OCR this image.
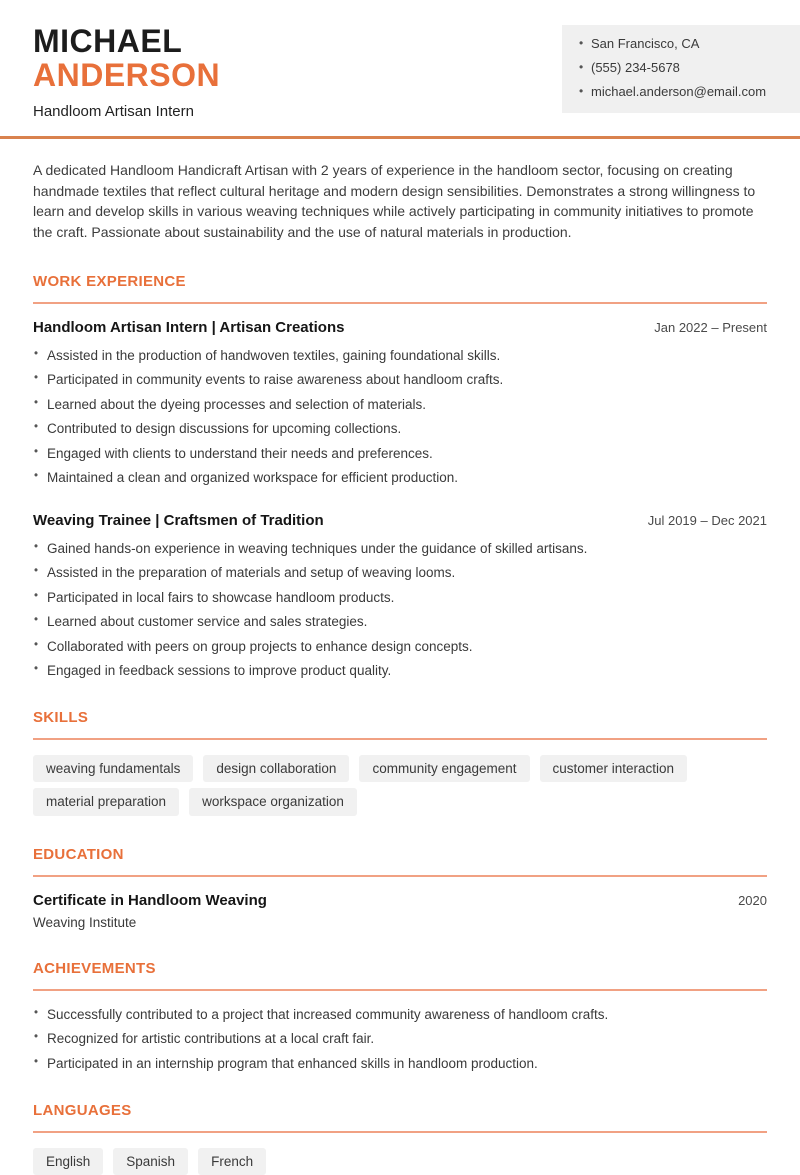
MICHAEL
ANDERSON
Handloom Artisan Intern
• San Francisco, CA
• (555) 234-5678
• michael.anderson@email.com

A dedicated Handloom Handicraft Artisan with 2 years of experience in the handloom sector, focusing on creating handmade textiles that reflect cultural heritage and modern design sensibilities. Demonstrates a strong willingness to learn and develop skills in various weaving techniques while actively participating in community initiatives to promote the craft. Passionate about sustainability and the use of natural materials in production.

WORK EXPERIENCE
Handloom Artisan Intern | Artisan Creations	Jan 2022 – Present
• Assisted in the production of handwoven textiles, gaining foundational skills.
• Participated in community events to raise awareness about handloom crafts.
• Learned about the dyeing processes and selection of materials.
• Contributed to design discussions for upcoming collections.
• Engaged with clients to understand their needs and preferences.
• Maintained a clean and organized workspace for efficient production.
Weaving Trainee | Craftsmen of Tradition	Jul 2019 – Dec 2021
• Gained hands-on experience in weaving techniques under the guidance of skilled artisans.
• Assisted in the preparation of materials and setup of weaving looms.
• Participated in local fairs to showcase handloom products.
• Learned about customer service and sales strategies.
• Collaborated with peers on group projects to enhance design concepts.
• Engaged in feedback sessions to improve product quality.
SKILLS
weaving fundamentals	design collaboration	community engagement	customer interaction
material preparation	workspace organization
EDUCATION
Certificate in Handloom Weaving	2020
Weaving Institute
ACHIEVEMENTS
• Successfully contributed to a project that increased community awareness of handloom crafts.
• Recognized for artistic contributions at a local craft fair.
• Participated in an internship program that enhanced skills in handloom production.
LANGUAGES
English	Spanish	French
